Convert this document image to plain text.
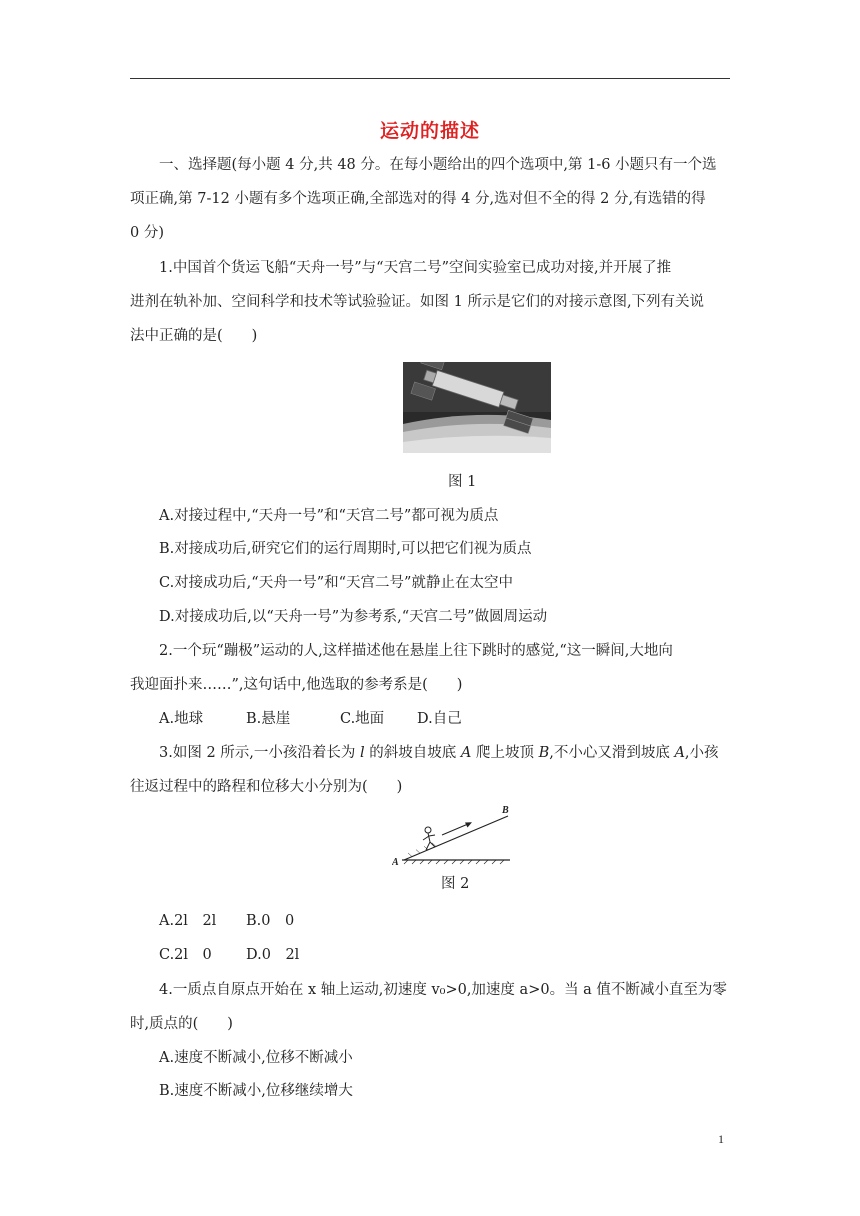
运动的描述
一、选择题(每小题 4 分,共 48 分。在每小题给出的四个选项中,第 1-6 小题只有一个选
项正确,第 7-12 小题有多个选项正确,全部选对的得 4 分,选对但不全的得 2 分,有选错的得
0 分)
1.中国首个货运飞船“天舟一号”与“天宫二号”空间实验室已成功对接,并开展了推
进剂在轨补加、空间科学和技术等试验验证。如图 1 所示是它们的对接示意图,下列有关说
法中正确的是(　　)
图 1
A.对接过程中,“天舟一号”和“天宫二号”都可视为质点
B.对接成功后,研究它们的运行周期时,可以把它们视为质点
C.对接成功后,“天舟一号”和“天宫二号”就静止在太空中
D.对接成功后,以“天舟一号”为参考系,“天宫二号”做圆周运动
2.一个玩“蹦极”运动的人,这样描述他在悬崖上往下跳时的感觉,“这一瞬间,大地向
我迎面扑来……”,这句话中,他选取的参考系是(　　)
A.地球	B.悬崖	C.地面 D.自己
3.如图 2 所示,一小孩沿着长为 l 的斜坡自坡底 A 爬上坡顶 B,不小心又滑到坡底 A,小孩
往返过程中的路程和位移大小分别为(　　)
A
B
图 2
A.2l　2l B.0　0
C.2l　0 D.0　2l
4.一质点自原点开始在 x 轴上运动,初速度 v₀>0,加速度 a>0。当 a 值不断减小直至为零
时,质点的(　　)
A.速度不断减小,位移不断减小
B.速度不断减小,位移继续增大
1
